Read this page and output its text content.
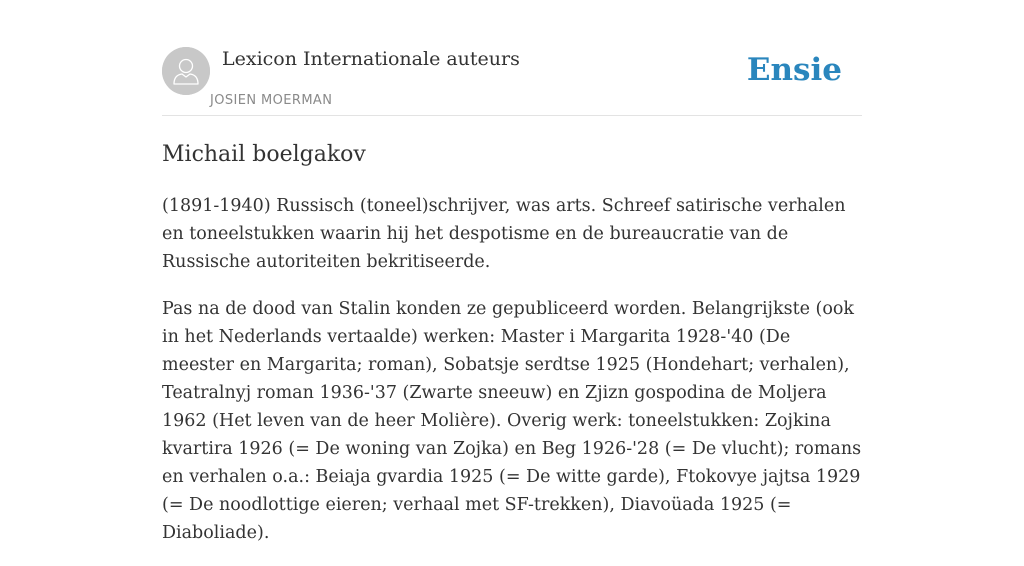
Lexicon Internationale auteurs
JOSIEN MOERMAN
Ensie
Michail boelgakov

(1891-1940) Russisch (toneel)schrijver, was arts. Schreef satirische verhalen en toneelstukken waarin hij het despotisme en de bureaucratie van de Russische autoriteiten bekritiseerde.

Pas na de dood van Stalin konden ze gepubliceerd worden. Belangrijkste (ook in het Nederlands vertaalde) werken: Master i Margarita 1928-'40 (De meester en Margarita; roman), Sobatsje serdtse 1925 (Hondehart; verhalen), Teatralnyj roman 1936-'37 (Zwarte sneeuw) en Zjizn gospodina de Moljera 1962 (Het leven van de heer Molière). Overig werk: toneelstukken: Zojkina kvartira 1926 (= De woning van Zojka) en Beg 1926-'28 (= De vlucht); romans en verhalen o.a.: Beiaja gvardia 1925 (= De witte garde), Ftokovye jajtsa 1929 (= De noodlottige eieren; verhaal met SF-trekken), Diavoüada 1925 (= Diaboliade).
